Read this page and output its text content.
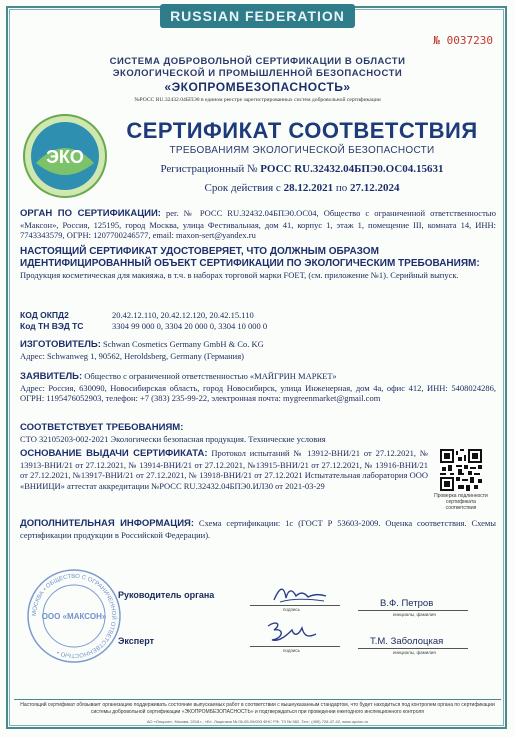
RUSSIAN FEDERATION
№ 0037230
СИСТЕМА ДОБРОВОЛЬНОЙ СЕРТИФИКАЦИИ В ОБЛАСТИ
ЭКОЛОГИЧЕСКОЙ И ПРОМЫШЛЕННОЙ БЕЗОПАСНОСТИ
«ЭКОПРОМБЕЗОПАСНОСТЬ»
№РОСС RU.32432.04БПЭ0 в едином реестре зарегистрированных систем добровольной сертификации
ЭКО
СЕРТИФИКАТ СООТВЕТСТВИЯ
ТРЕБОВАНИЯМ ЭКОЛОГИЧЕСКОЙ БЕЗОПАСНОСТИ
Регистрационный № РОСС RU.32432.04БПЭ0.ОС04.15631
Срок действия с 28.12.2021 по 27.12.2024
ОРГАН ПО СЕРТИФИКАЦИИ: рег. № РОСС RU.32432.04БПЭ0.ОС04, Общество с ограниченной ответственностью «Максон», Россия, 125195, город Москва, улица Фестивальная, дом 41, корпус 1, этаж 1, помещение III, комната 14, ИНН: 7743343579, ОГРН: 1207700246577, email: maxon-sert@yandex.ru
НАСТОЯЩИЙ СЕРТИФИКАТ УДОСТОВЕРЯЕТ, ЧТО ДОЛЖНЫМ ОБРАЗОМ ИДЕНТИФИЦИРОВАННЫЙ ОБЪЕКТ СЕРТИФИКАЦИИ ПО ЭКОЛОГИЧЕСКИМ ТРЕБОВАНИЯМ:
Продукция косметическая для макияжа, в т.ч. в наборах торговой марки FOET, (см. приложение №1). Серийный выпуск.
КОД ОКПД2	20.42.12.110, 20.42.12.120, 20.42.15.110
Код ТН ВЭД ТС	3304 99 000 0, 3304 20 000 0, 3304 10 000 0
ИЗГОТОВИТЕЛЬ: Schwan Cosmetics Germany GmbH & Co. KG
Адрес: Schwanweg 1, 90562, Heroldsberg, Germany (Германия)
ЗАЯВИТЕЛЬ: Общество с ограниченной ответственностью «МАЙГРИН МАРКЕТ»
Адрес: Россия, 630090, Новосибирская область, город Новосибирск, улица Инженерная, дом 4а, офис 412, ИНН: 5408024286, ОГРН: 1195476052903, телефон: +7 (383) 235-99-22, электронная почта: mygreenmarket@gmail.com
СООТВЕТСТВУЕТ ТРЕБОВАНИЯМ:
СТО 32105203-002-2021 Экологически безопасная продукция. Технические условия
ОСНОВАНИЕ ВЫДАЧИ СЕРТИФИКАТА: Протокол испытаний № 13912-ВНИ/21 от 27.12.2021, № 13913-ВНИ/21 от 27.12.2021, № 13914-ВНИ/21 от 27.12.2021, №13915-ВНИ/21 от 27.12.2021, № 13916-ВНИ/21 от 27.12.2021, №13917-ВНИ/21 от 27.12.2021, № 13918-ВНИ/21 от 27.12.2021 Испытательная лаборатория ООО «ВНИИЦИ» аттестат аккредитации №РОСС RU.32432.04БПЭ0.ИЛ30 от 2021-03-29
Проверка подлинности сертификата соответствия
ДОПОЛНИТЕЛЬНАЯ ИНФОРМАЦИЯ: Схема сертификации: 1с (ГОСТ Р 53603-2009. Оценка соответствия. Схемы сертификации продукции в Российской Федерации).
МОСКВА • ОБЩЕСТВО С ОГРАНИЧЕННОЙ ОТВЕТСТВЕННОСТЬЮ •
ООО «МАКСОН»
Руководитель органа
подпись
В.Ф. Петров
инициалы, фамилия
Эксперт
подпись
Т.М. Заболоцкая
инициалы, фамилия
Настоящий сертификат обязывает организацию поддерживать состояние выпускаемых работ в соответствии с вышеуказанным стандартом, что будет находиться под контролем органа по сертификации системы добровольной сертификации «ЭКОПРОМБЕЗОПАСНОСТЬ» и подтверждаться при проведении ежегодного инспекционного контроля
АО «Опцион», Москва, 2018 г., «Б». Лицензия № 05-05-09/003 ФНС РФ. ТЗ № 382. Тел.: (495) 726-47-42, www.opcion.ru
